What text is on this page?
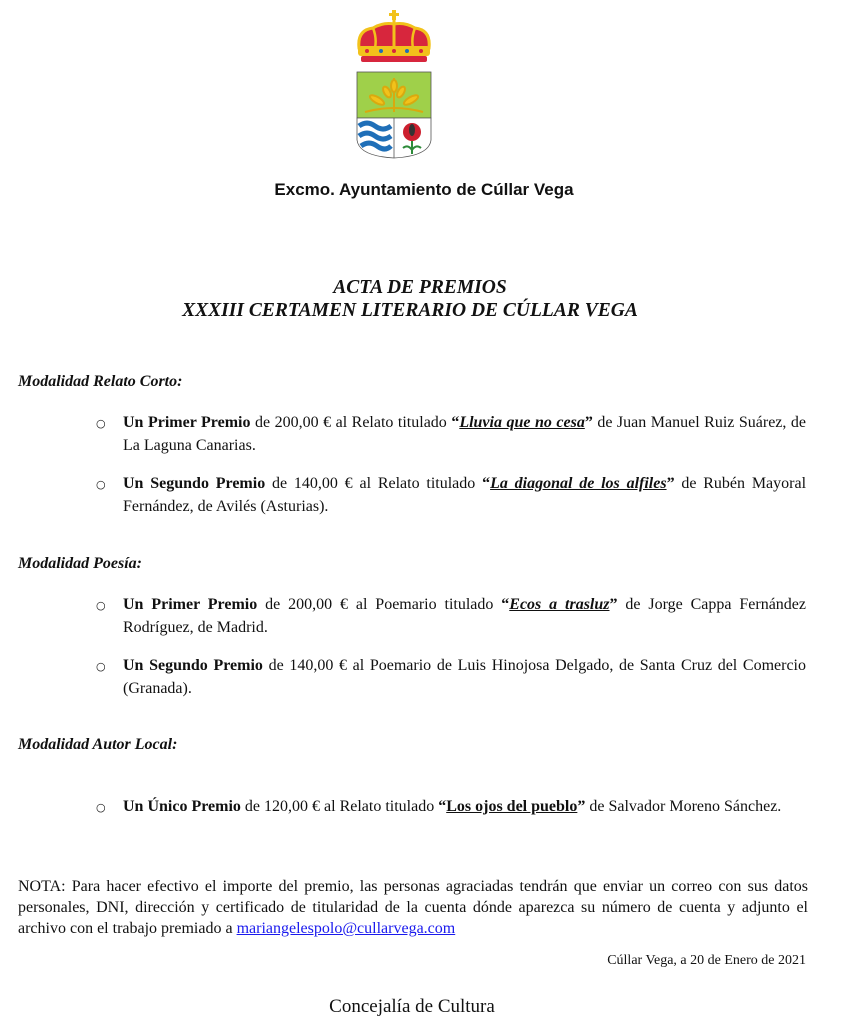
Excmo. Ayuntamiento de Cúllar Vega
ACTA DE PREMIOS
XXXIII CERTAMEN LITERARIO DE CÚLLAR VEGA
Modalidad Relato Corto:
○ Un Primer Premio de 200,00 € al Relato titulado “Lluvia que no cesa” de Juan Manuel Ruiz Suárez, de La Laguna Canarias.
○ Un Segundo Premio de 140,00 € al Relato titulado “La diagonal de los alfiles” de Rubén Mayoral Fernández, de Avilés (Asturias).
Modalidad Poesía:
○ Un Primer Premio de 200,00 € al Poemario titulado “Ecos a trasluz” de Jorge Cappa Fernández Rodríguez, de Madrid.
○ Un Segundo Premio de 140,00 € al Poemario de Luis Hinojosa Delgado, de Santa Cruz del Comercio (Granada).
Modalidad Autor Local:
○ Un Único Premio de 120,00 € al Relato titulado “Los ojos del pueblo” de Salvador Moreno Sánchez.
NOTA: Para hacer efectivo el importe del premio, las personas agraciadas tendrán que enviar un correo con sus datos personales, DNI, dirección y certificado de titularidad de la cuenta dónde aparezca su número de cuenta y adjunto el archivo con el trabajo premiado a mariangelespolo@cullarvega.com
Cúllar Vega, a 20 de Enero de 2021
Concejalía de Cultura
